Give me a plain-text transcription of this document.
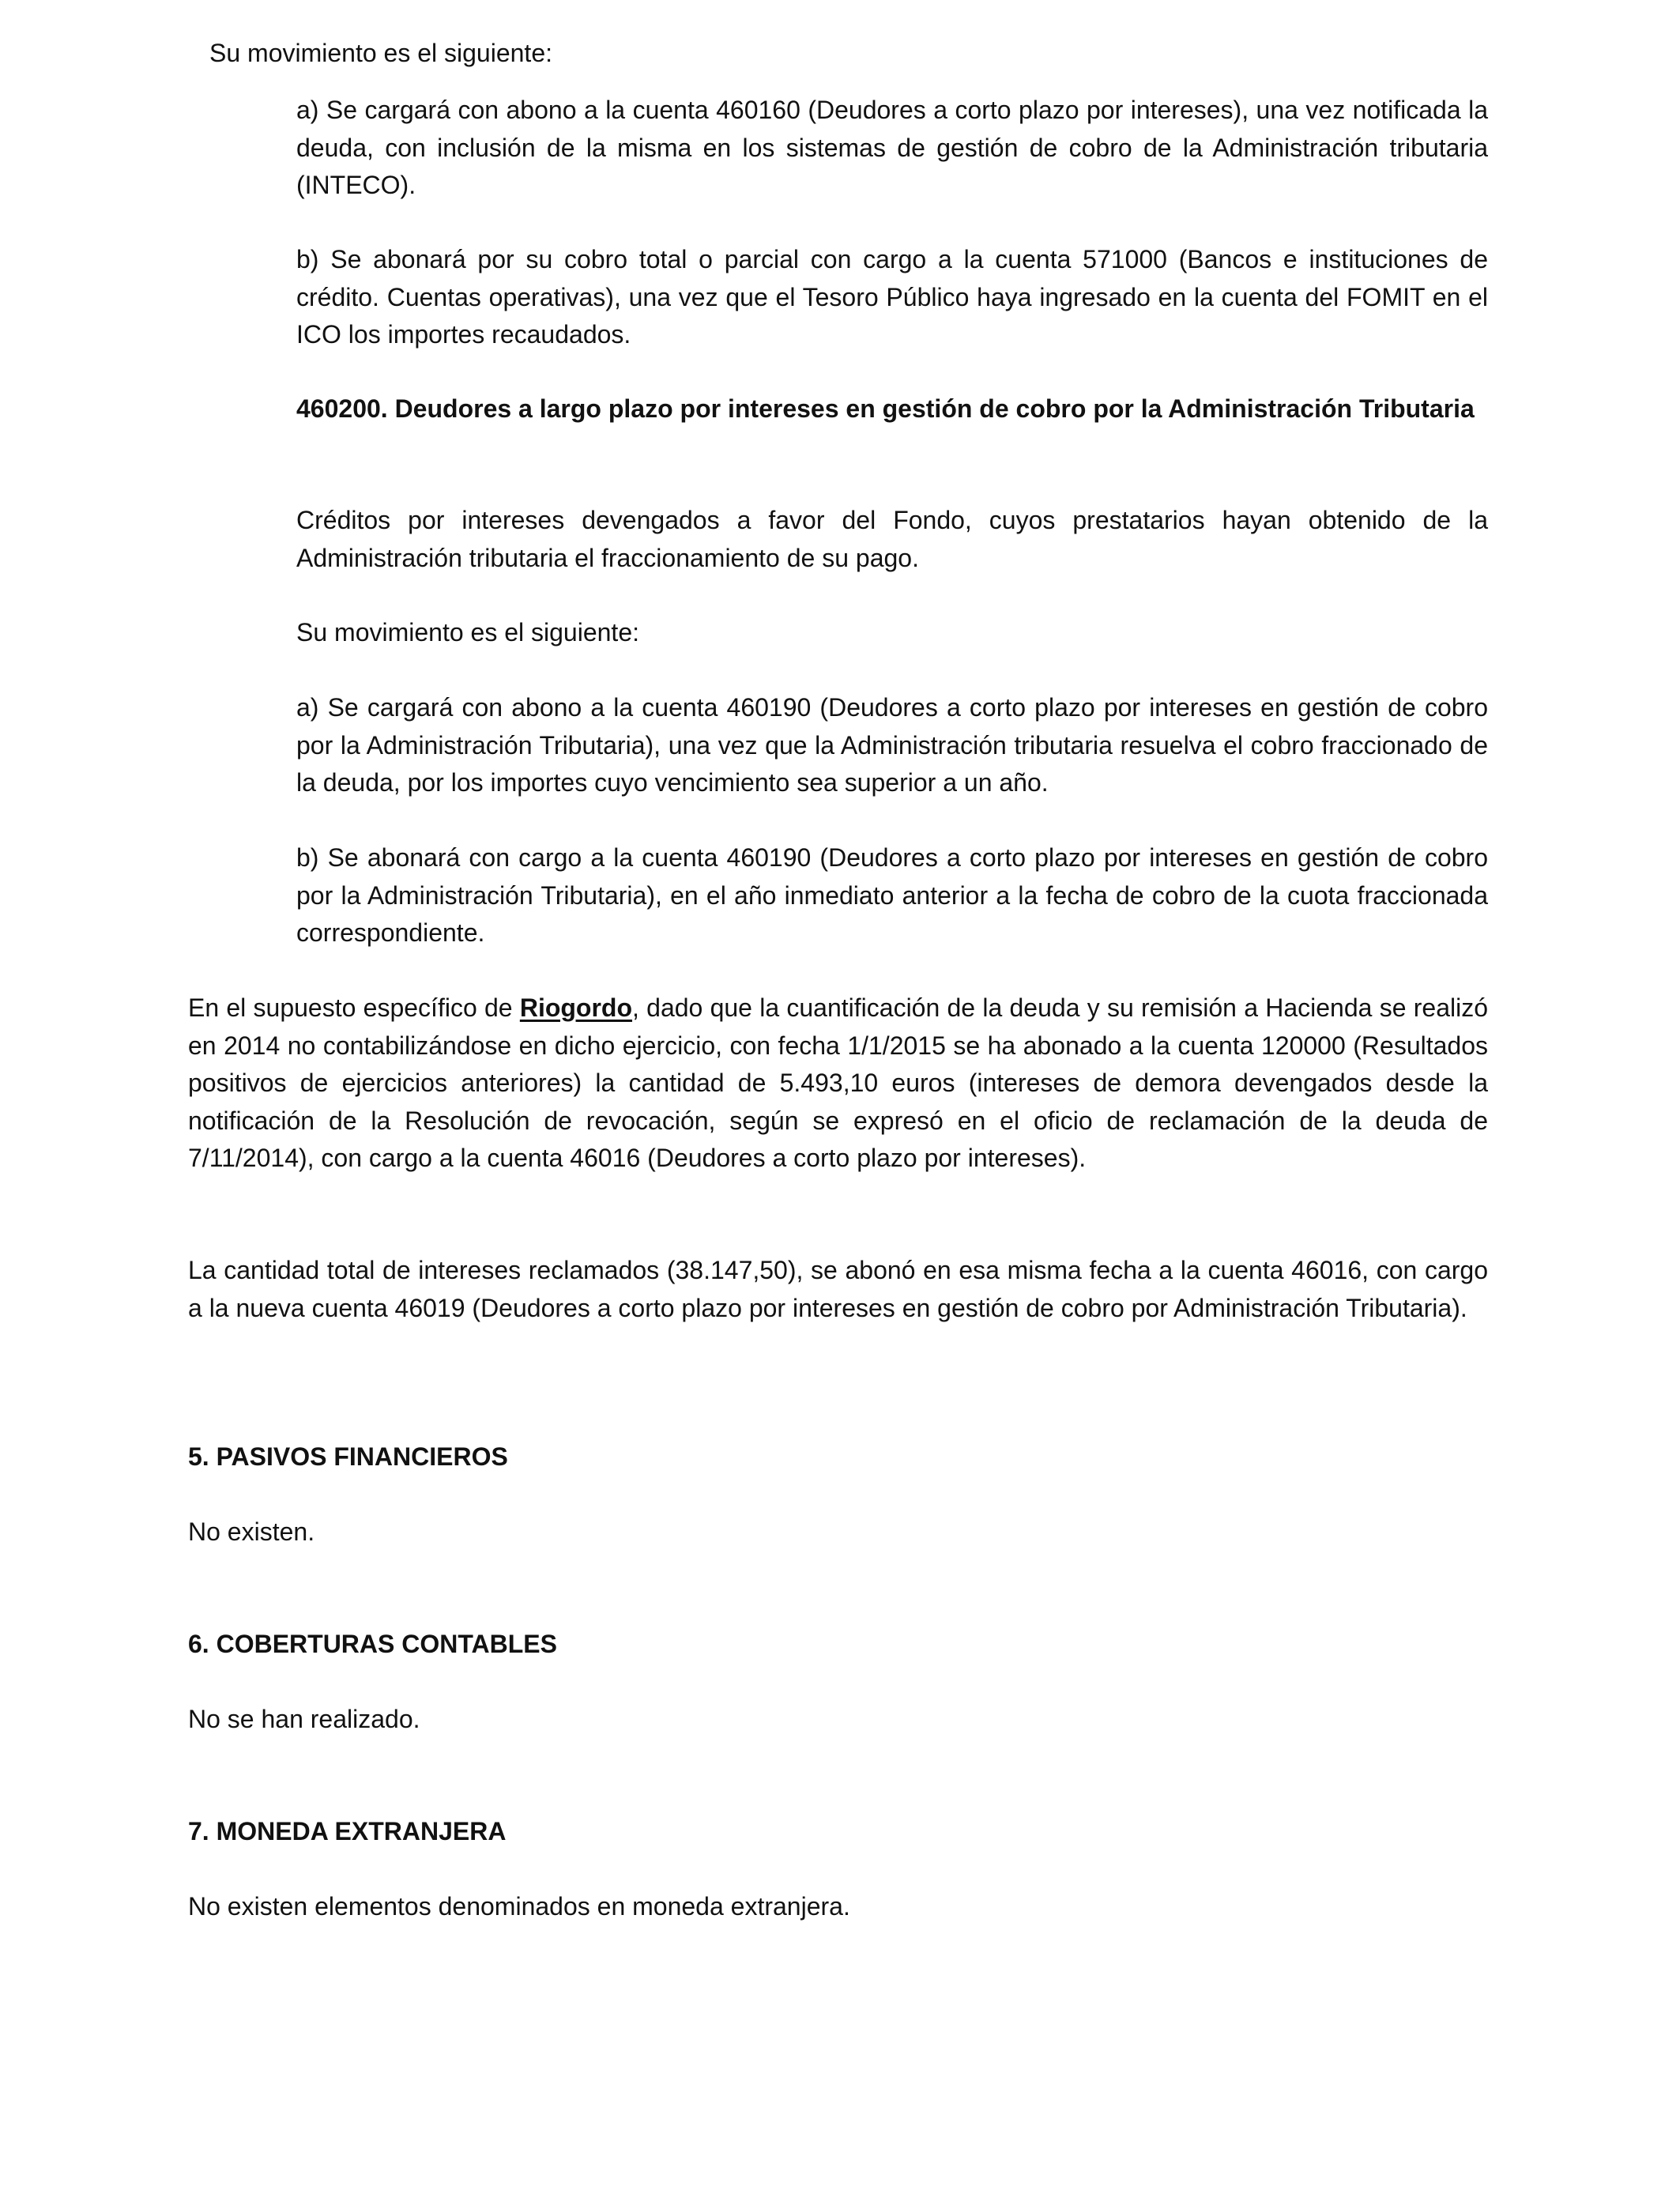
Su movimiento es el siguiente:

a) Se cargará con abono a la cuenta 460160 (Deudores a corto plazo por intereses), una vez notificada la deuda, con inclusión de la misma en los sistemas de gestión de cobro de la Administración tributaria (INTECO).

b) Se abonará por su cobro total o parcial con cargo a la cuenta 571000 (Bancos e instituciones de crédito. Cuentas operativas), una vez que el Tesoro Público haya ingresado en la cuenta del FOMIT en el ICO los importes recaudados.

460200. Deudores a largo plazo por intereses en gestión de cobro por la Administración Tributaria

Créditos por intereses devengados a favor del Fondo, cuyos prestatarios hayan obtenido de la Administración tributaria el fraccionamiento de su pago.

Su movimiento es el siguiente:

a) Se cargará con abono a la cuenta 460190 (Deudores a corto plazo por intereses en gestión de cobro por la Administración Tributaria), una vez que la Administración tributaria resuelva el cobro fraccionado de la deuda, por los importes cuyo vencimiento sea superior a un año.

b) Se abonará con cargo a la cuenta 460190 (Deudores a corto plazo por intereses en gestión de cobro por la Administración Tributaria), en el año inmediato anterior a la fecha de cobro de la cuota fraccionada correspondiente.

En el supuesto específico de Riogordo, dado que la cuantificación de la deuda y su remisión a Hacienda se realizó en 2014 no contabilizándose en dicho ejercicio, con fecha 1/1/2015 se ha abonado a la cuenta 120000 (Resultados positivos de ejercicios anteriores) la cantidad de 5.493,10 euros (intereses de demora devengados desde la notificación de la Resolución de revocación, según se expresó en el oficio de reclamación de la deuda de 7/11/2014), con cargo a la cuenta 46016 (Deudores a corto plazo por intereses).

La cantidad total de intereses reclamados (38.147,50), se abonó en esa misma fecha a la cuenta 46016, con cargo a la nueva cuenta 46019 (Deudores a corto plazo por intereses en gestión de cobro por Administración Tributaria).

5. PASIVOS FINANCIEROS

No existen.

6. COBERTURAS CONTABLES

No se han realizado.

7. MONEDA EXTRANJERA

No existen elementos denominados en moneda extranjera.
